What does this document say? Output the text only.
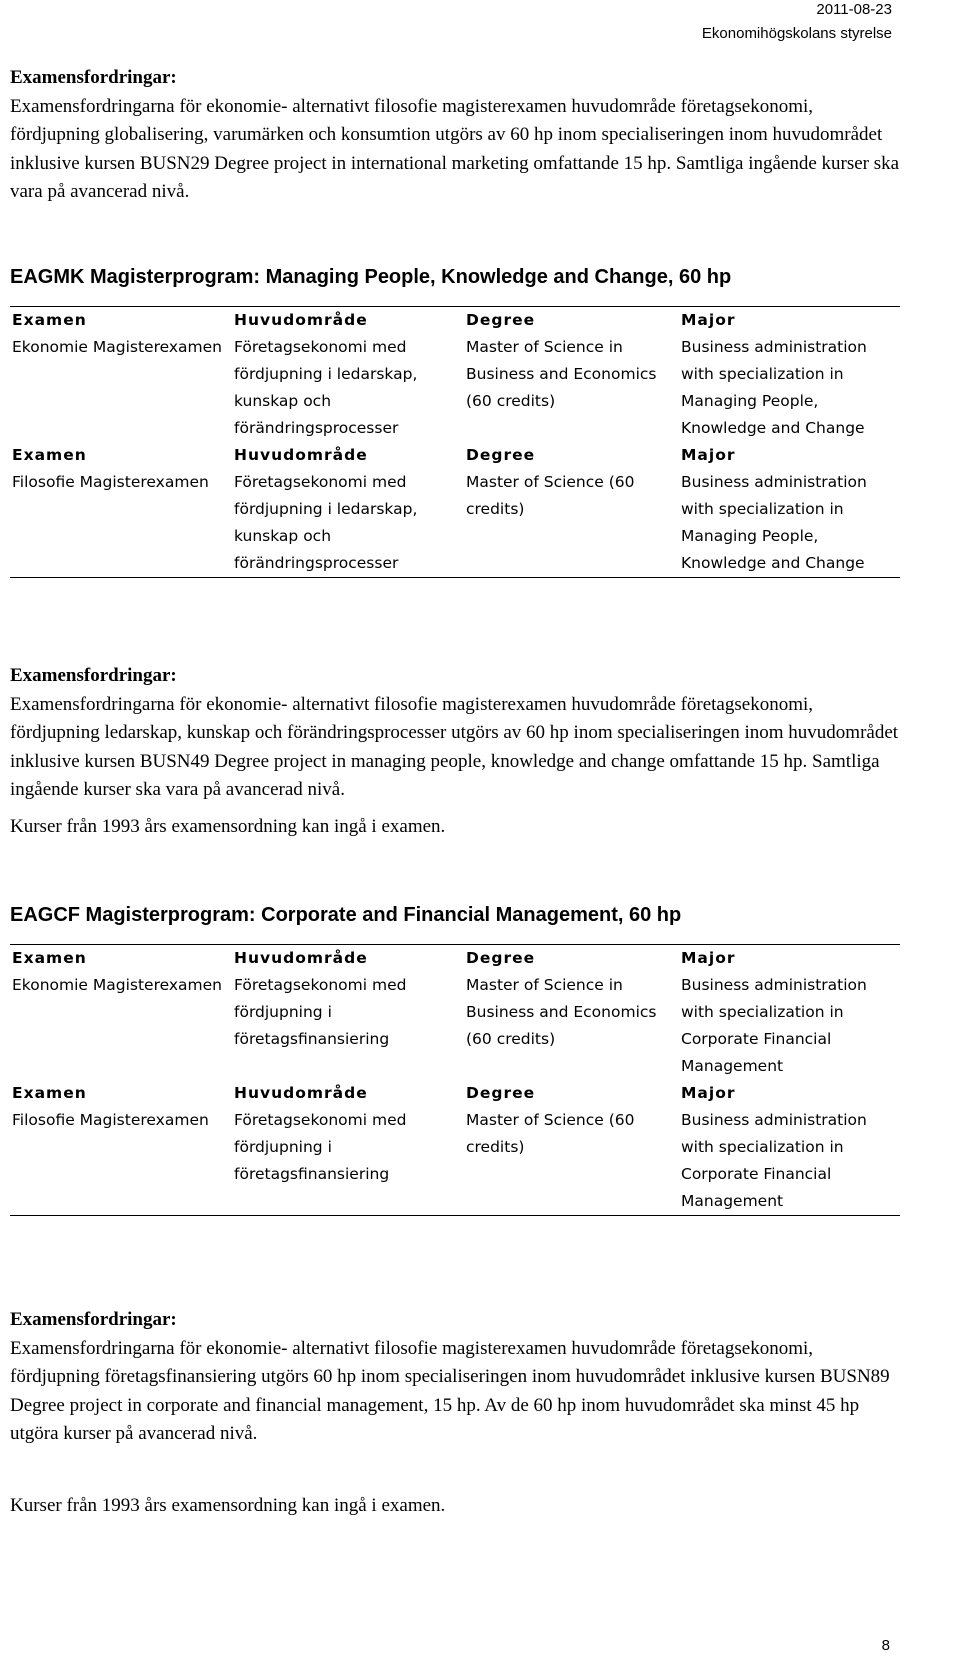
2011-08-23
Ekonomihögskolans styrelse
Examensfordringar:
Examensfordringarna för ekonomie- alternativt filosofie magisterexamen huvudområde företagsekonomi, fördjupning globalisering, varumärken och konsumtion utgörs av 60 hp inom specialiseringen inom huvudområdet inklusive kursen BUSN29 Degree project in international marketing omfattande 15 hp. Samtliga ingående kurser ska vara på avancerad nivå.
EAGMK Magisterprogram: Managing People, Knowledge and Change, 60 hp
Examen	Huvudområde	Degree	Major
Ekonomie Magisterexamen	Företagsekonomi med fördjupning i ledarskap, kunskap och förändringsprocesser	Master of Science in Business and Economics (60 credits)	Business administration with specialization in Managing People, Knowledge and Change
Examen	Huvudområde	Degree	Major
Filosofie Magisterexamen	Företagsekonomi med fördjupning i ledarskap, kunskap och förändringsprocesser	Master of Science (60 credits)	Business administration with specialization in Managing People, Knowledge and Change
Examensfordringar:
Examensfordringarna för ekonomie- alternativt filosofie magisterexamen huvudområde företagsekonomi, fördjupning ledarskap, kunskap och förändringsprocesser utgörs av 60 hp inom specialiseringen inom huvudområdet inklusive kursen BUSN49 Degree project in managing people, knowledge and change omfattande 15 hp. Samtliga ingående kurser ska vara på avancerad nivå.
Kurser från 1993 års examensordning kan ingå i examen.
EAGCF Magisterprogram: Corporate and Financial Management, 60 hp
Examen	Huvudområde	Degree	Major
Ekonomie Magisterexamen	Företagsekonomi med fördjupning i företagsfinansiering	Master of Science in Business and Economics (60 credits)	Business administration with specialization in Corporate Financial Management
Examen	Huvudområde	Degree	Major
Filosofie Magisterexamen	Företagsekonomi med fördjupning i företagsfinansiering	Master of Science (60 credits)	Business administration with specialization in Corporate Financial Management
Examensfordringar:
Examensfordringarna för ekonomie- alternativt filosofie magisterexamen huvudområde företagsekonomi, fördjupning företagsfinansiering utgörs 60 hp inom specialiseringen inom huvudområdet inklusive kursen BUSN89 Degree project in corporate and financial management, 15 hp. Av de 60 hp inom huvudområdet ska minst 45 hp utgöra kurser på avancerad nivå.
Kurser från 1993 års examensordning kan ingå i examen.
8
